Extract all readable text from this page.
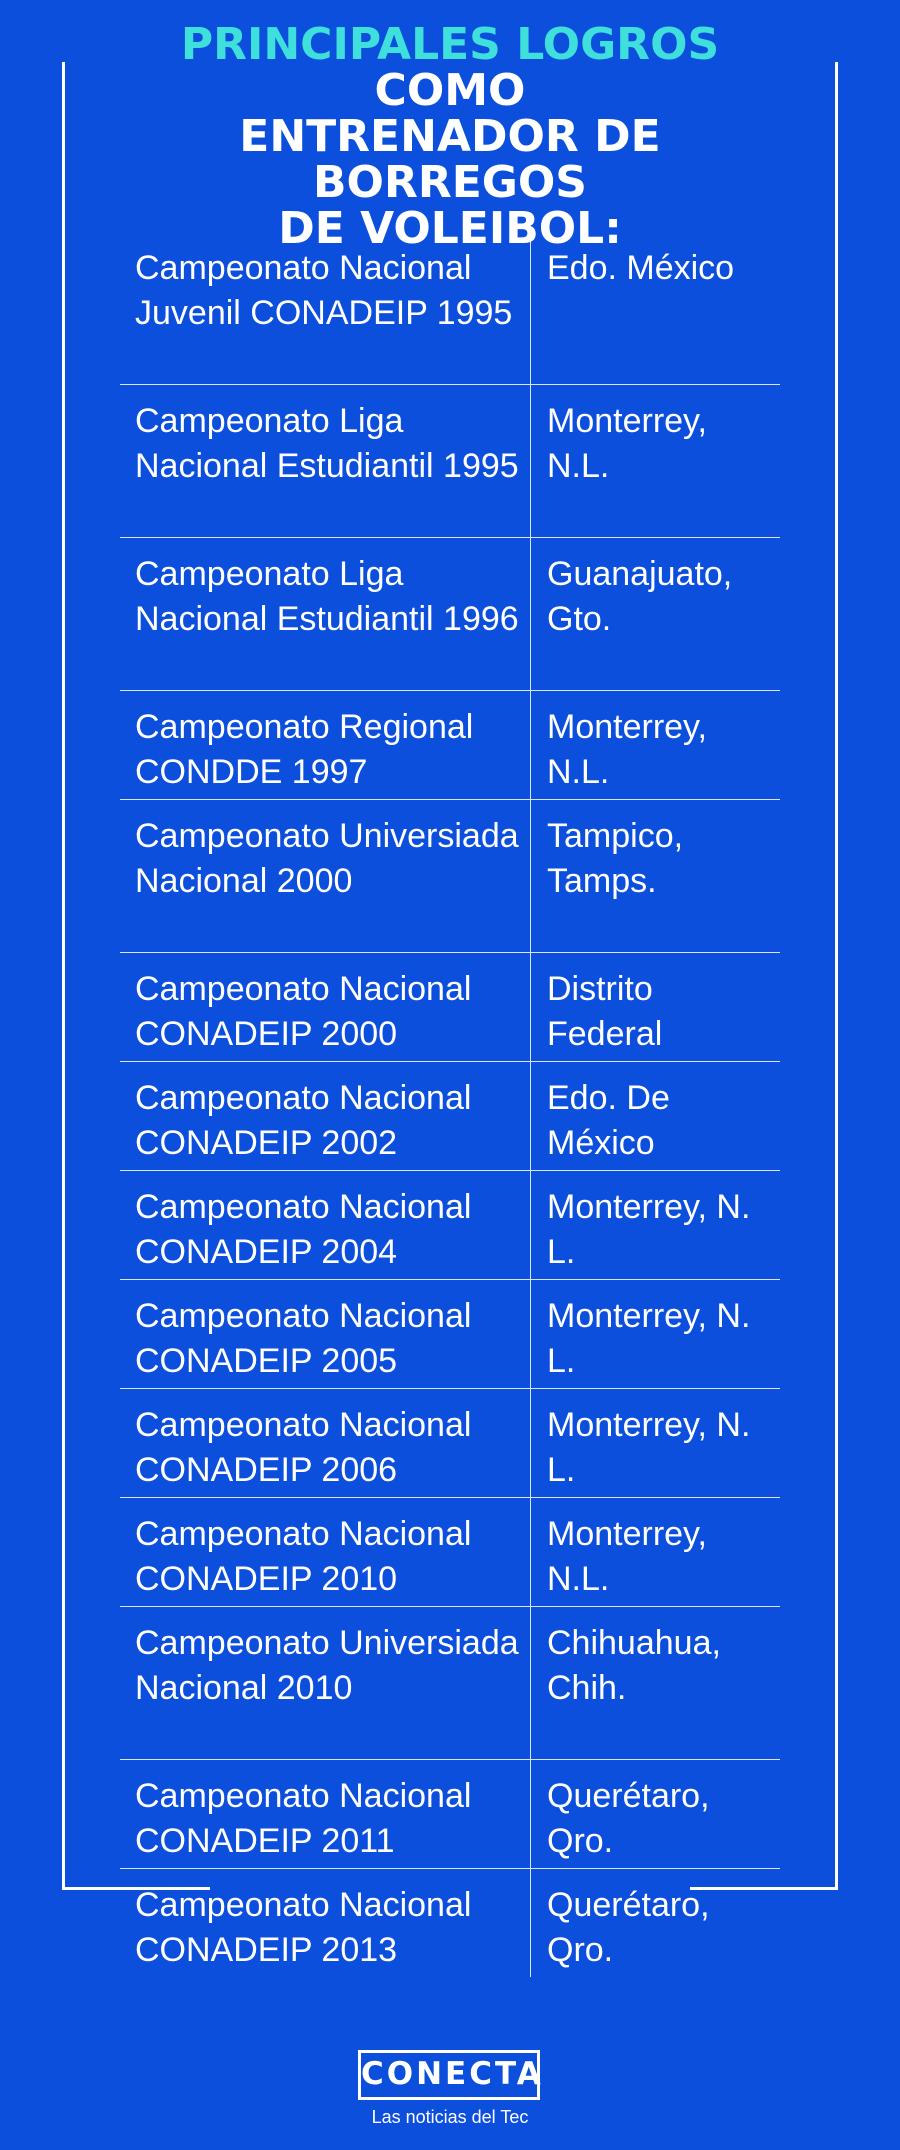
PRINCIPALES LOGROS COMO
ENTRENADOR DE BORREGOS
DE VOLEIBOL:
Campeonato Nacional Juvenil CONADEIP 1995
Edo. México
Campeonato Liga Nacional Estudiantil 1995
Monterrey, N.L.
Campeonato Liga Nacional Estudiantil 1996
Guanajuato, Gto.
Campeonato Regional CONDDE 1997
Monterrey, N.L.
Campeonato Universiada Nacional 2000
Tampico, Tamps.
Campeonato Nacional CONADEIP 2000
Distrito Federal
Campeonato Nacional CONADEIP 2002
Edo. De México
Campeonato Nacional CONADEIP 2004
Monterrey, N. L.
Campeonato Nacional CONADEIP 2005
Monterrey, N. L.
Campeonato Nacional CONADEIP 2006
Monterrey, N. L.
Campeonato Nacional CONADEIP 2010
Monterrey, N.L.
Campeonato Universiada Nacional 2010
Chihuahua, Chih.
Campeonato Nacional CONADEIP 2011
Querétaro, Qro.
Campeonato Nacional CONADEIP 2013
Querétaro, Qro.
CONECTA
Las noticias del Tec
